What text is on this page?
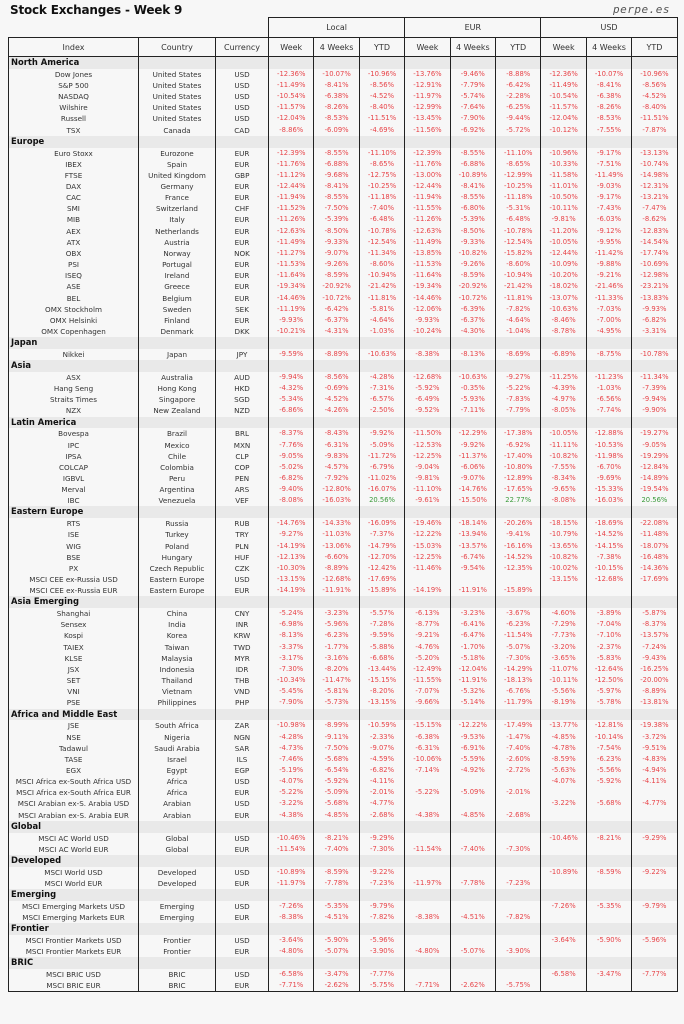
Stock Exchanges - Week 9	perpe.es
			Local			EUR			USD		
Index	Country	Currency	Week	4 Weeks	YTD	Week	4 Weeks	YTD	Week	4 Weeks	YTD
North America											
Dow Jones	United States	USD	-12.36%	-10.07%	-10.96%	-13.76%	-9.46%	-8.88%	-12.36%	-10.07%	-10.96%
S&P 500	United States	USD	-11.49%	-8.41%	-8.56%	-12.91%	-7.79%	-6.42%	-11.49%	-8.41%	-8.56%
NASDAQ	United States	USD	-10.54%	-6.38%	-4.52%	-11.97%	-5.74%	-2.28%	-10.54%	-6.38%	-4.52%
Wilshire	United States	USD	-11.57%	-8.26%	-8.40%	-12.99%	-7.64%	-6.25%	-11.57%	-8.26%	-8.40%
Russell	United States	USD	-12.04%	-8.53%	-11.51%	-13.45%	-7.90%	-9.44%	-12.04%	-8.53%	-11.51%
TSX	Canada	CAD	-8.86%	-6.09%	-4.69%	-11.56%	-6.92%	-5.72%	-10.12%	-7.55%	-7.87%
Europe											
Euro Stoxx	Eurozone	EUR	-12.39%	-8.55%	-11.10%	-12.39%	-8.55%	-11.10%	-10.96%	-9.17%	-13.13%
IBEX	Spain	EUR	-11.76%	-6.88%	-8.65%	-11.76%	-6.88%	-8.65%	-10.33%	-7.51%	-10.74%
FTSE	United Kingdom	GBP	-11.12%	-9.68%	-12.75%	-13.00%	-10.89%	-12.99%	-11.58%	-11.49%	-14.98%
DAX	Germany	EUR	-12.44%	-8.41%	-10.25%	-12.44%	-8.41%	-10.25%	-11.01%	-9.03%	-12.31%
CAC	France	EUR	-11.94%	-8.55%	-11.18%	-11.94%	-8.55%	-11.18%	-10.50%	-9.17%	-13.21%
SMI	Switzerland	CHF	-11.52%	-7.50%	-7.40%	-11.55%	-6.80%	-5.31%	-10.11%	-7.43%	-7.47%
MIB	Italy	EUR	-11.26%	-5.39%	-6.48%	-11.26%	-5.39%	-6.48%	-9.81%	-6.03%	-8.62%
AEX	Netherlands	EUR	-12.63%	-8.50%	-10.78%	-12.63%	-8.50%	-10.78%	-11.20%	-9.12%	-12.83%
ATX	Austria	EUR	-11.49%	-9.33%	-12.54%	-11.49%	-9.33%	-12.54%	-10.05%	-9.95%	-14.54%
OBX	Norway	NOK	-11.27%	-9.07%	-11.34%	-13.85%	-10.82%	-15.82%	-12.44%	-11.42%	-17.74%
PSI	Portugal	EUR	-11.53%	-9.26%	-8.60%	-11.53%	-9.26%	-8.60%	-10.09%	-9.88%	-10.69%
ISEQ	Ireland	EUR	-11.64%	-8.59%	-10.94%	-11.64%	-8.59%	-10.94%	-10.20%	-9.21%	-12.98%
ASE	Greece	EUR	-19.34%	-20.92%	-21.42%	-19.34%	-20.92%	-21.42%	-18.02%	-21.46%	-23.21%
BEL	Belgium	EUR	-14.46%	-10.72%	-11.81%	-14.46%	-10.72%	-11.81%	-13.07%	-11.33%	-13.83%
OMX Stockholm	Sweden	SEK	-11.19%	-6.42%	-5.81%	-12.06%	-6.39%	-7.82%	-10.63%	-7.03%	-9.93%
OMX Helsinki	Finland	EUR	-9.93%	-6.37%	-4.64%	-9.93%	-6.37%	-4.64%	-8.46%	-7.00%	-6.82%
OMX Copenhagen	Denmark	DKK	-10.21%	-4.31%	-1.03%	-10.24%	-4.30%	-1.04%	-8.78%	-4.95%	-3.31%
Japan											
Nikkei	Japan	JPY	-9.59%	-8.89%	-10.63%	-8.38%	-8.13%	-8.69%	-6.89%	-8.75%	-10.78%
Asia											
ASX	Australia	AUD	-9.94%	-8.56%	-4.28%	-12.68%	-10.63%	-9.27%	-11.25%	-11.23%	-11.34%
Hang Seng	Hong Kong	HKD	-4.32%	-0.69%	-7.31%	-5.92%	-0.35%	-5.22%	-4.39%	-1.03%	-7.39%
Straits Times	Singapore	SGD	-5.34%	-4.52%	-6.57%	-6.49%	-5.93%	-7.83%	-4.97%	-6.56%	-9.94%
NZX	New Zealand	NZD	-6.86%	-4.26%	-2.50%	-9.52%	-7.11%	-7.79%	-8.05%	-7.74%	-9.90%
Latin America											
Bovespa	Brazil	BRL	-8.37%	-8.43%	-9.92%	-11.50%	-12.29%	-17.38%	-10.05%	-12.88%	-19.27%
IPC	Mexico	MXN	-7.76%	-6.31%	-5.09%	-12.53%	-9.92%	-6.92%	-11.11%	-10.53%	-9.05%
IPSA	Chile	CLP	-9.05%	-9.83%	-11.72%	-12.25%	-11.37%	-17.40%	-10.82%	-11.98%	-19.29%
COLCAP	Colombia	COP	-5.02%	-4.57%	-6.79%	-9.04%	-6.06%	-10.80%	-7.55%	-6.70%	-12.84%
IGBVL	Peru	PEN	-6.82%	-7.92%	-11.02%	-9.81%	-9.07%	-12.89%	-8.34%	-9.69%	-14.89%
Merval	Argentina	ARS	-9.40%	-12.80%	-16.07%	-11.10%	-14.76%	-17.65%	-9.65%	-15.33%	-19.54%
IBC	Venezuela	VEF	-8.08%	-16.03%	20.56%	-9.61%	-15.50%	22.77%	-8.08%	-16.03%	20.56%
Eastern Europe											
RTS	Russia	RUB	-14.76%	-14.33%	-16.09%	-19.46%	-18.14%	-20.26%	-18.15%	-18.69%	-22.08%
ISE	Turkey	TRY	-9.27%	-11.03%	-7.37%	-12.22%	-13.94%	-9.41%	-10.79%	-14.52%	-11.48%
WIG	Poland	PLN	-14.19%	-13.06%	-14.79%	-15.03%	-13.57%	-16.16%	-13.65%	-14.15%	-18.07%
BSE	Hungary	HUF	-12.13%	-6.60%	-12.70%	-12.25%	-6.74%	-14.52%	-10.82%	-7.38%	-16.48%
PX	Czech Republic	CZK	-10.30%	-8.89%	-12.42%	-11.46%	-9.54%	-12.35%	-10.02%	-10.15%	-14.36%
MSCI CEE ex-Russia USD	Eastern Europe	USD	-13.15%	-12.68%	-17.69%				-13.15%	-12.68%	-17.69%
MSCI CEE ex-Russia EUR	Eastern Europe	EUR	-14.19%	-11.91%	-15.89%	-14.19%	-11.91%	-15.89%			
Asia Emerging											
Shanghai	China	CNY	-5.24%	-3.23%	-5.57%	-6.13%	-3.23%	-3.67%	-4.60%	-3.89%	-5.87%
Sensex	India	INR	-6.98%	-5.96%	-7.28%	-8.77%	-6.41%	-6.23%	-7.29%	-7.04%	-8.37%
Kospi	Korea	KRW	-8.13%	-6.23%	-9.59%	-9.21%	-6.47%	-11.54%	-7.73%	-7.10%	-13.57%
TAIEX	Taiwan	TWD	-3.37%	-1.77%	-5.88%	-4.76%	-1.70%	-5.07%	-3.20%	-2.37%	-7.24%
KLSE	Malaysia	MYR	-3.17%	-3.16%	-6.68%	-5.20%	-5.18%	-7.30%	-3.65%	-5.83%	-9.43%
JSX	Indonesia	IDR	-7.30%	-8.20%	-13.44%	-12.49%	-12.04%	-14.29%	-11.07%	-12.64%	-16.25%
SET	Thailand	THB	-10.34%	-11.47%	-15.15%	-11.55%	-11.91%	-18.13%	-10.11%	-12.50%	-20.00%
VNI	Vietnam	VND	-5.45%	-5.81%	-8.20%	-7.07%	-5.32%	-6.76%	-5.56%	-5.97%	-8.89%
PSE	Philippines	PHP	-7.90%	-5.73%	-13.15%	-9.66%	-5.14%	-11.79%	-8.19%	-5.78%	-13.81%
Africa and Middle East											
JSE	South Africa	ZAR	-10.98%	-8.99%	-10.59%	-15.15%	-12.22%	-17.49%	-13.77%	-12.81%	-19.38%
NSE	Nigeria	NGN	-4.28%	-9.11%	-2.33%	-6.38%	-9.53%	-1.47%	-4.85%	-10.14%	-3.72%
Tadawul	Saudi Arabia	SAR	-4.73%	-7.50%	-9.07%	-6.31%	-6.91%	-7.40%	-4.78%	-7.54%	-9.51%
TASE	Israel	ILS	-7.46%	-5.68%	-4.59%	-10.06%	-5.59%	-2.60%	-8.59%	-6.23%	-4.83%
EGX	Egypt	EGP	-5.19%	-6.54%	-6.82%	-7.14%	-4.92%	-2.72%	-5.63%	-5.56%	-4.94%
MSCI Africa ex-South Africa USD	Africa	USD	-4.07%	-5.92%	-4.11%				-4.07%	-5.92%	-4.11%
MSCI Africa ex-South Africa EUR	Africa	EUR	-5.22%	-5.09%	-2.01%	-5.22%	-5.09%	-2.01%			
MSCI Arabian ex-S. Arabia USD	Arabian	USD	-3.22%	-5.68%	-4.77%				-3.22%	-5.68%	-4.77%
MSCI Arabian ex-S. Arabia EUR	Arabian	EUR	-4.38%	-4.85%	-2.68%	-4.38%	-4.85%	-2.68%			
Global											
MSCI AC World USD	Global	USD	-10.46%	-8.21%	-9.29%				-10.46%	-8.21%	-9.29%
MSCI AC World EUR	Global	EUR	-11.54%	-7.40%	-7.30%	-11.54%	-7.40%	-7.30%			
Developed											
MSCI World USD	Developed	USD	-10.89%	-8.59%	-9.22%				-10.89%	-8.59%	-9.22%
MSCI World EUR	Developed	EUR	-11.97%	-7.78%	-7.23%	-11.97%	-7.78%	-7.23%			
Emerging											
MSCI Emerging Markets USD	Emerging	USD	-7.26%	-5.35%	-9.79%				-7.26%	-5.35%	-9.79%
MSCI Emerging Markets EUR	Emerging	EUR	-8.38%	-4.51%	-7.82%	-8.38%	-4.51%	-7.82%			
Frontier											
MSCI Frontier Markets USD	Frontier	USD	-3.64%	-5.90%	-5.96%				-3.64%	-5.90%	-5.96%
MSCI Frontier Markets EUR	Frontier	EUR	-4.80%	-5.07%	-3.90%	-4.80%	-5.07%	-3.90%			
BRIC											
MSCI BRIC USD	BRIC	USD	-6.58%	-3.47%	-7.77%				-6.58%	-3.47%	-7.77%
MSCI BRIC EUR	BRIC	EUR	-7.71%	-2.62%	-5.75%	-7.71%	-2.62%	-5.75%			
